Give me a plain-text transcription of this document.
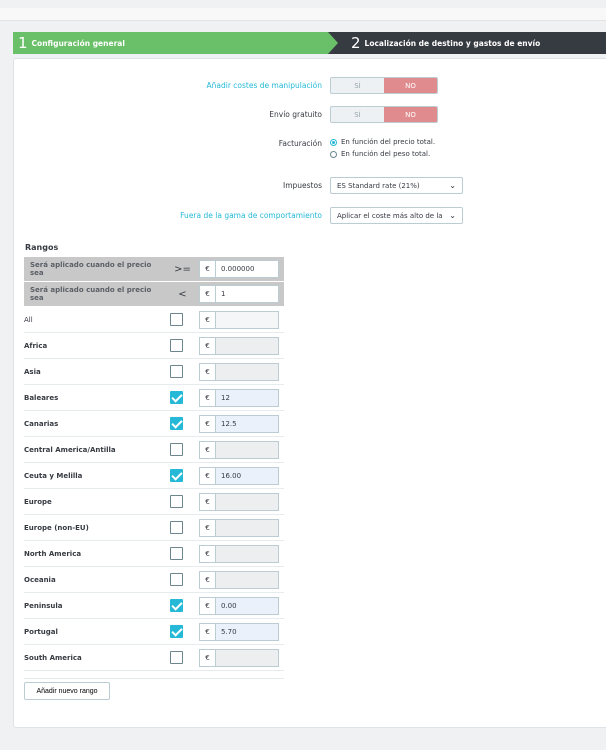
1 Configuración general	2 Localización de destino y gastos de envío
Añadir costes de manipulación	SÍ	NO
Envío gratuito	SÍ	NO
Facturación	En función del precio total.
En función del peso total.
Impuestos	ES Standard rate (21%)	⌄
Fuera de la gama de comportamiento	Aplicar el coste más alto de la ⌄
Rangos
Será aplicado cuando el precio sea	>=	€ 0.000000

Será aplicado cuando el precio sea	<	€ 1

All		€

Africa		€

Asia		€

Baleares		€ 12

Canarias		€ 12.5

Central America/Antilla		€

Ceuta y Melilla		€ 16.00

Europe		€

Europe (non-EU)		€

North America		€

Oceania		€

Peninsula		€ 0.00

Portugal		€ 5.70

South America		€
Añadir nuevo rango
